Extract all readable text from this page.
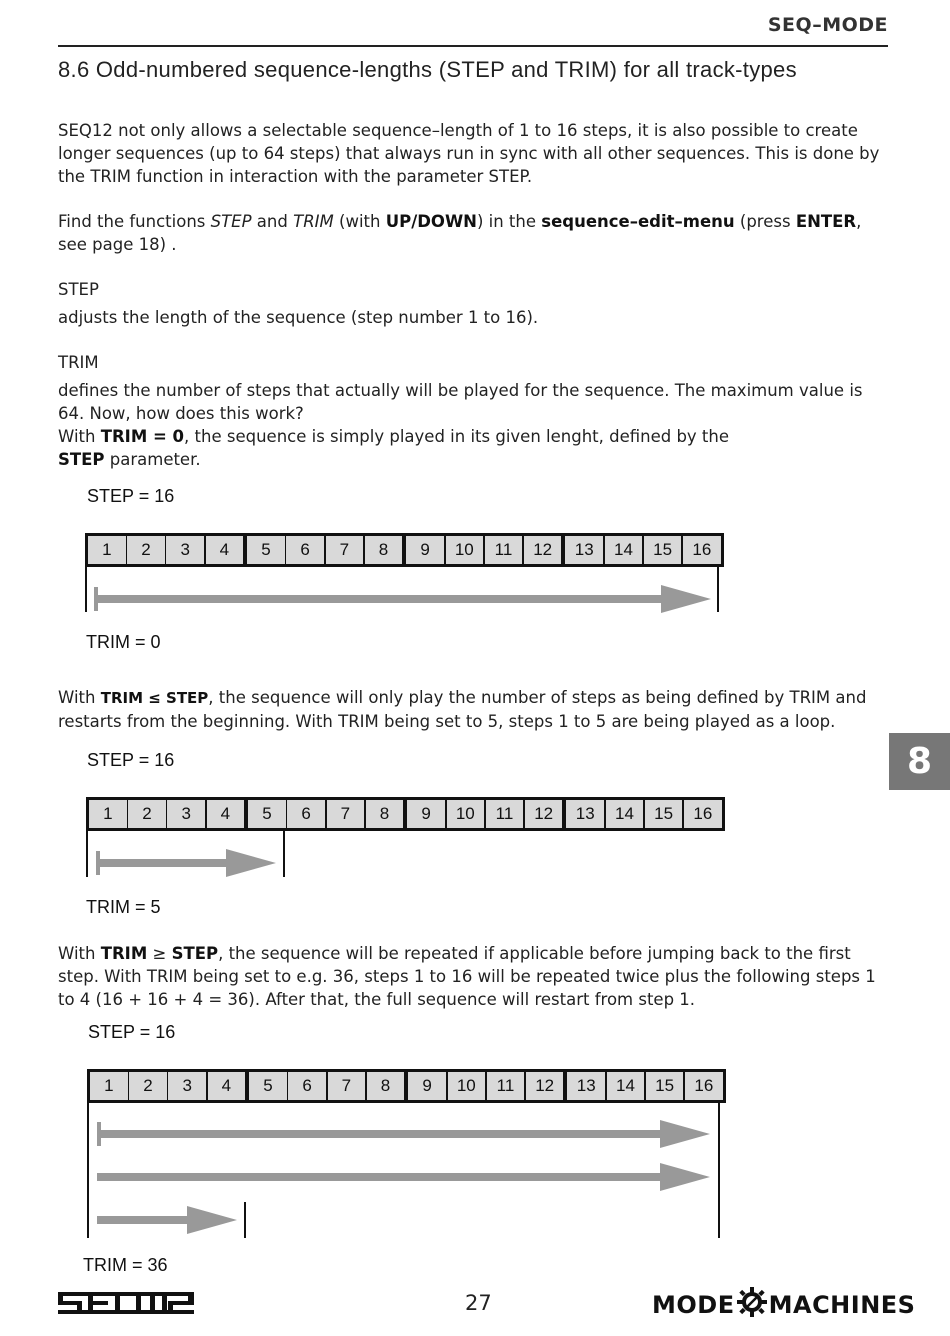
SEQ–MODE
8.6 Odd-numbered sequence-lengths (STEP and TRIM) for all track-types
SEQ12 not only allows a selectable sequence–length of 1 to 16 steps, it is also possible to create longer sequences (up to 64 steps) that always run in sync with all other sequences. This is done by the TRIM function in interaction with the parameter STEP.
Find the functions STEP and TRIM (with UP/DOWN) in the sequence–edit–menu (press ENTER, see page 18) .
STEP
adjusts the length of the sequence (step number 1 to 16).
TRIM
defines the number of steps that actually will be played for the sequence. The maximum value is 64. Now, how does this work?
With TRIM = 0, the sequence is simply played in its given lenght, defined by the
STEP parameter.
STEP = 16
1	2	3	4	5	6	7	8	9	10	11	12	13	14	15	16
TRIM = 0
With TRIM ≤ STEP, the sequence will only play the number of steps as being defined by TRIM and restarts from the beginning. With TRIM being set to 5, steps 1 to 5 are being played as a loop.
STEP = 16
1	2	3	4	5	6	7	8	9	10	11	12	13	14	15	16
TRIM = 5
With TRIM ≥ STEP, the sequence will be repeated if applicable before jumping back to the first step. With TRIM being set to e.g. 36, steps 1 to 16 will be repeated twice plus the following steps 1 to 4 (16 + 16 + 4 = 36). After that, the full sequence will restart from step 1.
STEP = 16
1	2	3	4	5	6	7	8	9	10	11	12	13	14	15	16
TRIM = 36
8
27	MODE MACHINES
